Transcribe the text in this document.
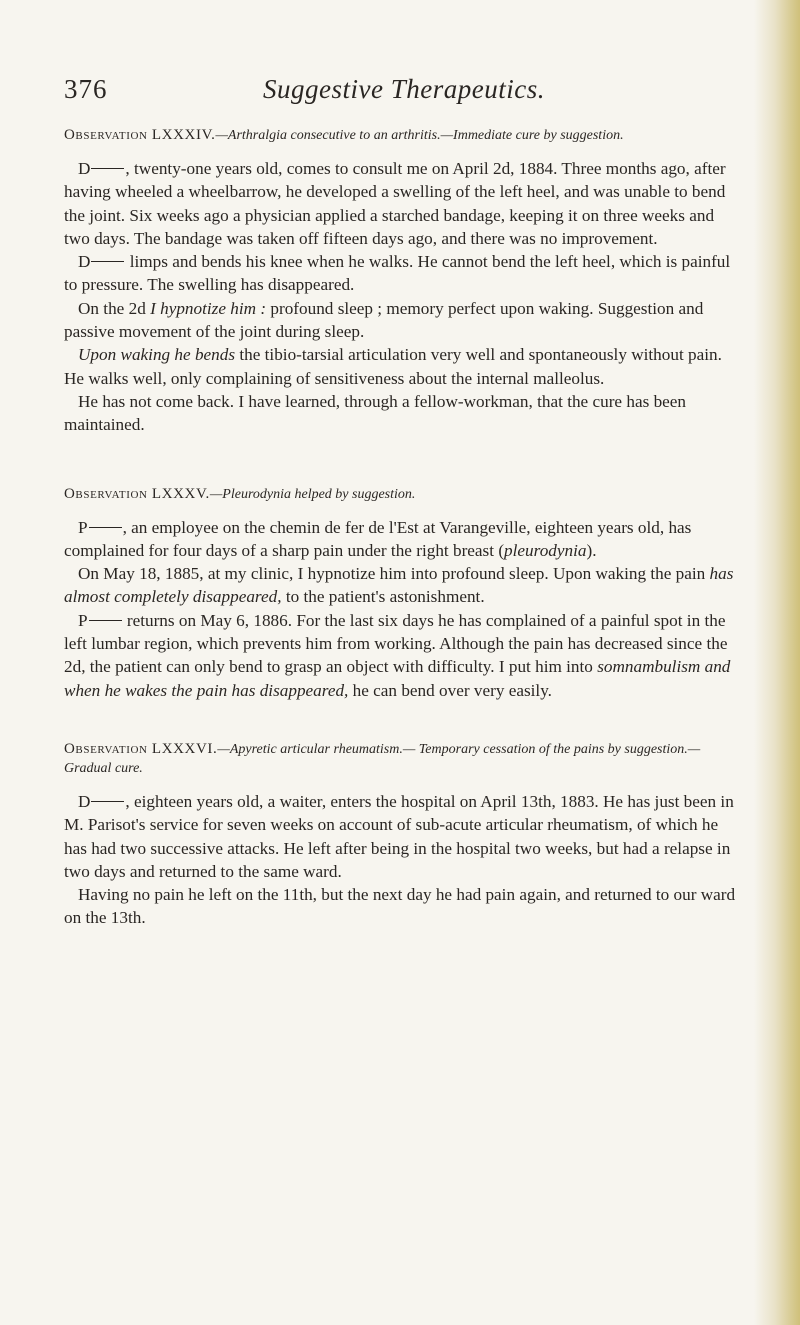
376	Suggestive Therapeutics.

Observation LXXXIV.—Arthralgia consecutive to an arthritis.—Immediate cure by suggestion.

D , twenty-one years old, comes to consult me on April 2d, 1884. Three months ago, after having wheeled a wheelbarrow, he developed a swelling of the left heel, and was unable to bend the joint. Six weeks ago a physician applied a starched bandage, keeping it on three weeks and two days. The bandage was taken off fifteen days ago, and there was no improvement.

D limps and bends his knee when he walks. He cannot bend the left heel, which is painful to pressure. The swelling has disappeared.

On the 2d I hypnotize him : profound sleep ; memory perfect upon waking. Suggestion and passive movement of the joint during sleep.

Upon waking he bends the tibio-tarsial articulation very well and spontaneously without pain. He walks well, only complaining of sensitiveness about the internal malleolus.

He has not come back. I have learned, through a fellow-workman, that the cure has been maintained.

Observation LXXXV.—Pleurodynia helped by suggestion.

P , an employee on the chemin de fer de l'Est at Varangeville, eighteen years old, has complained for four days of a sharp pain under the right breast (pleurodynia).

On May 18, 1885, at my clinic, I hypnotize him into profound sleep. Upon waking the pain has almost completely disappeared, to the patient's astonishment.

P returns on May 6, 1886. For the last six days he has complained of a painful spot in the left lumbar region, which prevents him from working. Although the pain has decreased since the 2d, the patient can only bend to grasp an object with difficulty. I put him into somnambulism and when he wakes the pain has disappeared, he can bend over very easily.

Observation LXXXVI.—Apyretic articular rheumatism.— Temporary cessation of the pains by suggestion.—Gradual cure.

D , eighteen years old, a waiter, enters the hospital on April 13th, 1883. He has just been in M. Parisot's service for seven weeks on account of sub-acute articular rheumatism, of which he has had two successive attacks. He left after being in the hospital two weeks, but had a relapse in two days and returned to the same ward.

Having no pain he left on the 11th, but the next day he had pain again, and returned to our ward on the 13th.
